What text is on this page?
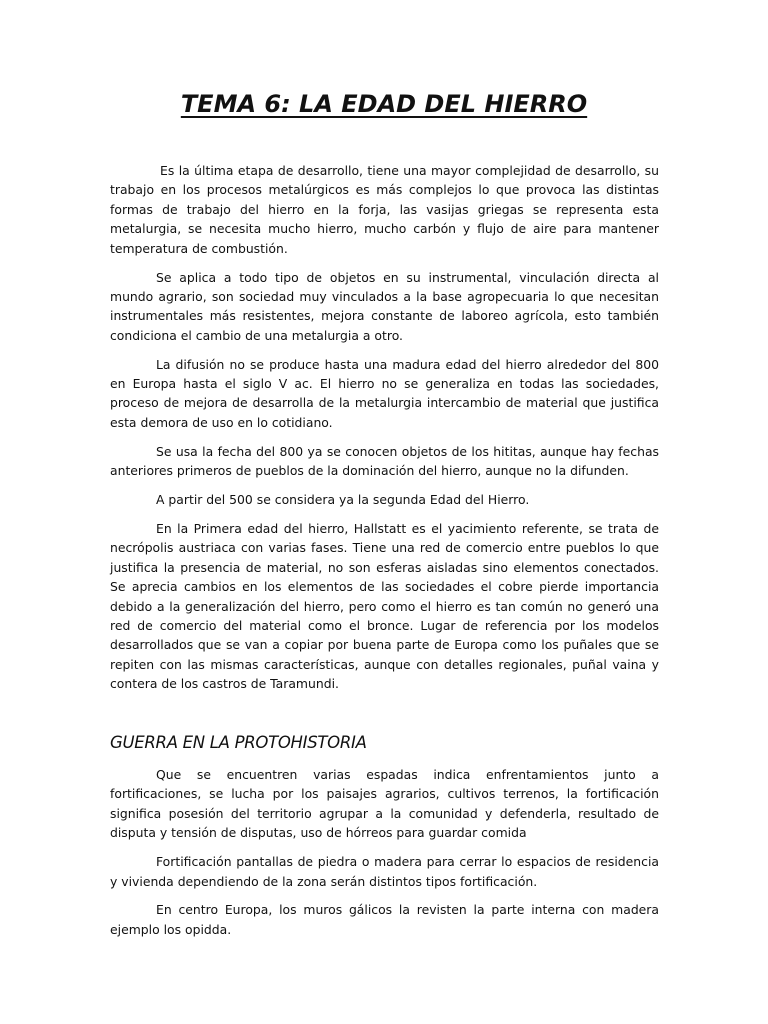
TEMA 6: LA EDAD DEL HIERRO

Es la última etapa de desarrollo, tiene una mayor complejidad de desarrollo, su trabajo en los procesos metalúrgicos es más complejos lo que provoca las distintas formas de trabajo del hierro en la forja, las vasijas griegas se representa esta metalurgia, se necesita mucho hierro, mucho carbón y flujo de aire para mantener temperatura de combustión.

Se aplica a todo tipo de objetos en su instrumental, vinculación directa al mundo agrario, son sociedad muy vinculados a la base agropecuaria lo que necesitan instrumentales más resistentes, mejora constante de laboreo agrícola, esto también condiciona el cambio de una metalurgia a otro.

La difusión no se produce hasta una madura edad del hierro alrededor del 800 en Europa hasta el siglo V ac. El hierro no se generaliza en todas las sociedades, proceso de mejora de desarrolla de la metalurgia intercambio de material que justifica esta demora de uso en lo cotidiano.

Se usa la fecha del 800 ya se conocen objetos de los hititas, aunque hay fechas anteriores primeros de pueblos de la dominación del hierro, aunque no la difunden.

A partir del 500 se considera ya la segunda Edad del Hierro.

En la Primera edad del hierro, Hallstatt es el yacimiento referente, se trata de necrópolis austriaca con varias fases. Tiene una red de comercio entre pueblos lo que justifica la presencia de material, no son esferas aisladas sino elementos conectados. Se aprecia cambios en los elementos de las sociedades el cobre pierde importancia debido a la generalización del hierro, pero como el hierro es tan común no generó una red de comercio del material como el bronce. Lugar de referencia por los modelos desarrollados que se van a copiar por buena parte de Europa como los puñales que se repiten con las mismas características, aunque con detalles regionales, puñal vaina y contera de los castros de Taramundi.

GUERRA EN LA PROTOHISTORIA

Que se encuentren varias espadas indica enfrentamientos junto a fortificaciones, se lucha por los paisajes agrarios, cultivos terrenos, la fortificación significa posesión del territorio agrupar a la comunidad y defenderla, resultado de disputa y tensión de disputas, uso de hórreos para guardar comida

Fortificación pantallas de piedra o madera para cerrar lo espacios de residencia y vivienda dependiendo de la zona serán distintos tipos fortificación.

En centro Europa, los muros gálicos la revisten la parte interna con madera ejemplo los opidda.
